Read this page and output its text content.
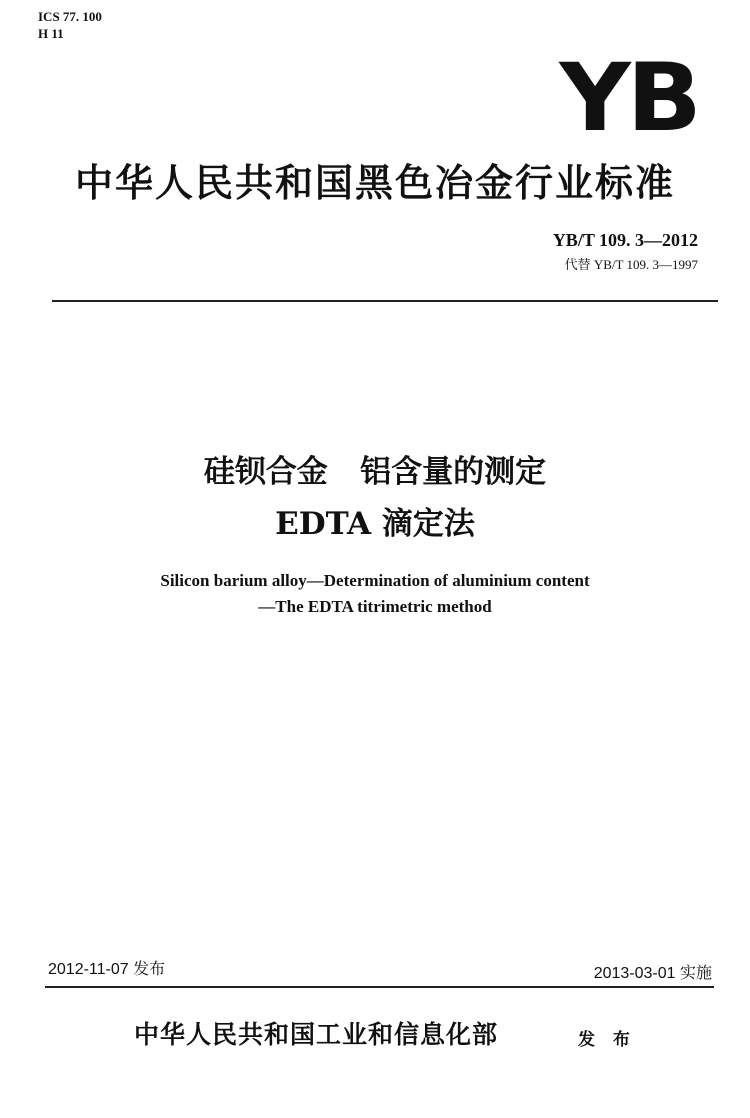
ICS 77. 100
H 11
YB
中华人民共和国黑色冶金行业标准
YB/T 109. 3—2012
代替 YB/T 109. 3—1997
硅钡合金   铝含量的测定
EDTA 滴定法
Silicon barium alloy—Determination of aluminium content
—The EDTA titrimetric method
2012-11-07 发布	2013-03-01 实施
中华人民共和国工业和信息化部	发 布
